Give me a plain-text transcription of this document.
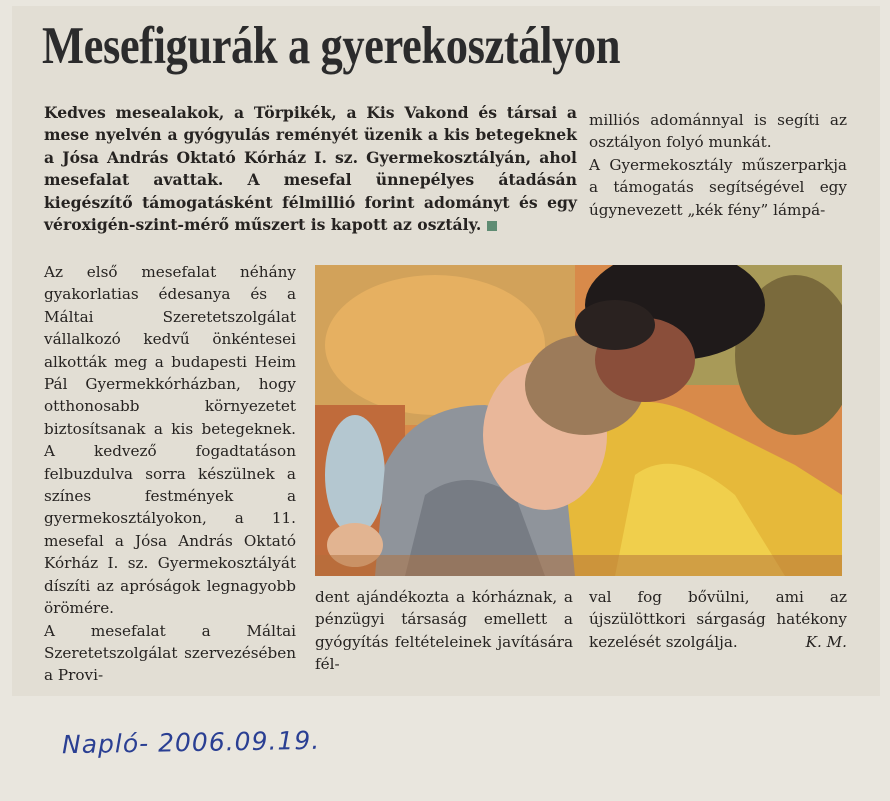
Mesefigurák a gyerekosztályon
Kedves mesealakok, a Törpikék, a Kis Vakond és társai a mese nyelvén a gyógyulás reményét üzenik a kis betegeknek a Jósa András Oktató Kórház I. sz. Gyermekosztályán, ahol mesefalat avattak. A mesefal ünnepélyes átadásán kiegészítő támogatásként félmillió forint adományt és egy véroxigén-szint-mérő műszert is kapott az osztály.

milliós adománnyal is segíti az osztályon folyó munkát.

A Gyermekosztály műszerparkja a támogatás segítségével egy úgynevezett „kék fény” lámpá-

Az első mesefalat néhány gyakorlatias édesanya és a Máltai Szeretetszolgálat vállalkozó kedvű önkéntesei alkották meg a budapesti Heim Pál Gyermekkórházban, hogy otthonosabb környezetet biztosítsanak a kis betegeknek. A kedvező fogadtatáson felbuzdulva sorra készülnek a színes festmények a gyermekosztályokon, a 11. mesefal a Jósa András Oktató Kórház I. sz. Gyermekosztályát díszíti az apróságok legnagyobb örömére.

A mesefalat a Máltai Szeretetszolgálat szervezésében a Provi-

dent ajándékozta a kórháznak, a pénzügyi társaság emellett a gyógyítás feltételeinek javítására fél-

val fog bővülni, ami az újszülöttkori sárgaság hatékony kezelését szolgálja.	K. M.

Napló- 2006.09.19.
